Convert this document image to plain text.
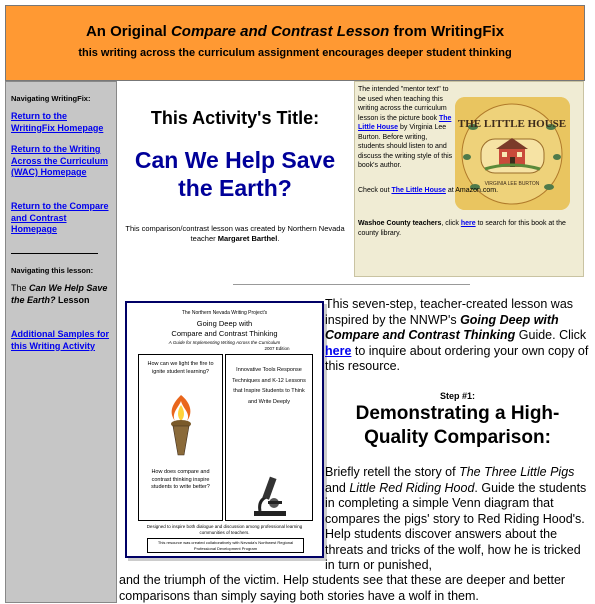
An Original Compare and Contrast Lesson from WritingFix
this writing across the curriculum assignment encourages deeper student thinking
Navigating WritingFix:
Return to the WritingFix Homepage
Return to the Writing Across the Curriculum (WAC) Homepage
Return to the Compare and Contrast Homepage
Navigating this lesson:
The Can We Help Save the Earth? Lesson
Additional Samples for this Writing Activity
This Activity's Title:
Can We Help Save the Earth?
This comparison/contrast lesson was created by Northern Nevada teacher Margaret Barthel.
The intended "mentor text" to be used when teaching this writing across the curriculum lesson is the picture book The Little House by Virginia Lee Burton. Before writing, students should listen to and discuss the writing style of this book's author.
THE LITTLE HOUSE
VIRGINIA LEE BURTON
Check out The Little House at Amazon.com.
Washoe County teachers, click here to search for this book at the county library.
The Northern Nevada Writing Project's
Going Deep with
Compare and Contrast Thinking
A Guide for Implementing Writing Across the Curriculum
2007 Edition
How can we light the fire to ignite student learning?
How does compare and contrast thinking inspire students to write better?
Innovative Tools Response Techniques and K-12 Lessons that Inspire Students to Think and Write Deeply
Designed to inspire both dialogue and discussion among professional learning communities of teachers.
This resource was created collaboratively with Nevada's Northwest Regional Professional Development Program
This seven-step, teacher-created lesson was inspired by the NNWP's Going Deep with Compare and Contrast Thinking Guide. Click here to inquire about ordering your own copy of this resource.
Step #1:
Demonstrating a High-Quality Comparison:
Briefly retell the story of The Three Little Pigs and Little Red Riding Hood. Guide the students in completing a simple Venn diagram that compares the pigs' story to Red Riding Hood's. Help students discover answers about the threats and tricks of the wolf, how he is tricked in turn or punished,
and the triumph of the victim. Help students see that these are deeper and better comparisons than simply saying both stories have a wolf in them.
